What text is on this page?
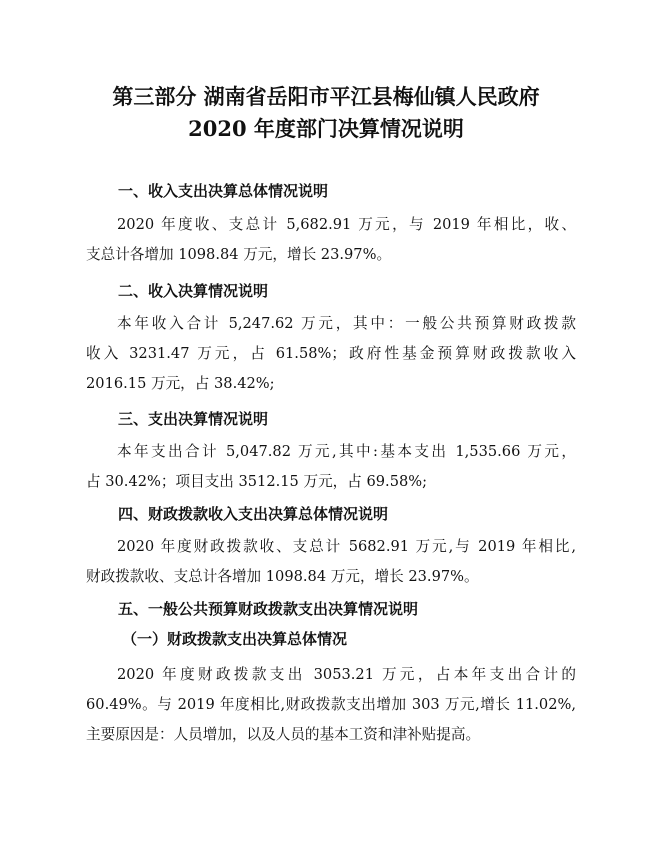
第三部分 湖南省岳阳市平江县梅仙镇人民政府
2020 年度部门决算情况说明
一、收入支出决算总体情况说明
2020 年度收、支总计 5,682.91 万元，与 2019 年相比，收、
支总计各增加 1098.84 万元，增长 23.97%。
二、收入决算情况说明
本年收入合计 5,247.62 万元，其中：一般公共预算财政拨款
收入 3231.47 万元，占 61.58%；政府性基金预算财政拨款收入
2016.15 万元，占 38.42%;
三、支出决算情况说明
本年支出合计 5,047.82 万元,其中:基本支出 1,535.66 万元，
占 30.42%；项目支出 3512.15 万元，占 69.58%;
四、财政拨款收入支出决算总体情况说明
2020 年度财政拨款收、支总计 5682.91 万元,与 2019 年相比,
财政拨款收、支总计各增加 1098.84 万元，增长 23.97%。
五、一般公共预算财政拨款支出决算情况说明
（一）财政拨款支出决算总体情况
2020 年度财政拨款支出 3053.21 万元，占本年支出合计的
60.49%。与 2019 年度相比,财政拨款支出增加 303 万元,增长 11.02%,
主要原因是：人员增加，以及人员的基本工资和津补贴提高。
